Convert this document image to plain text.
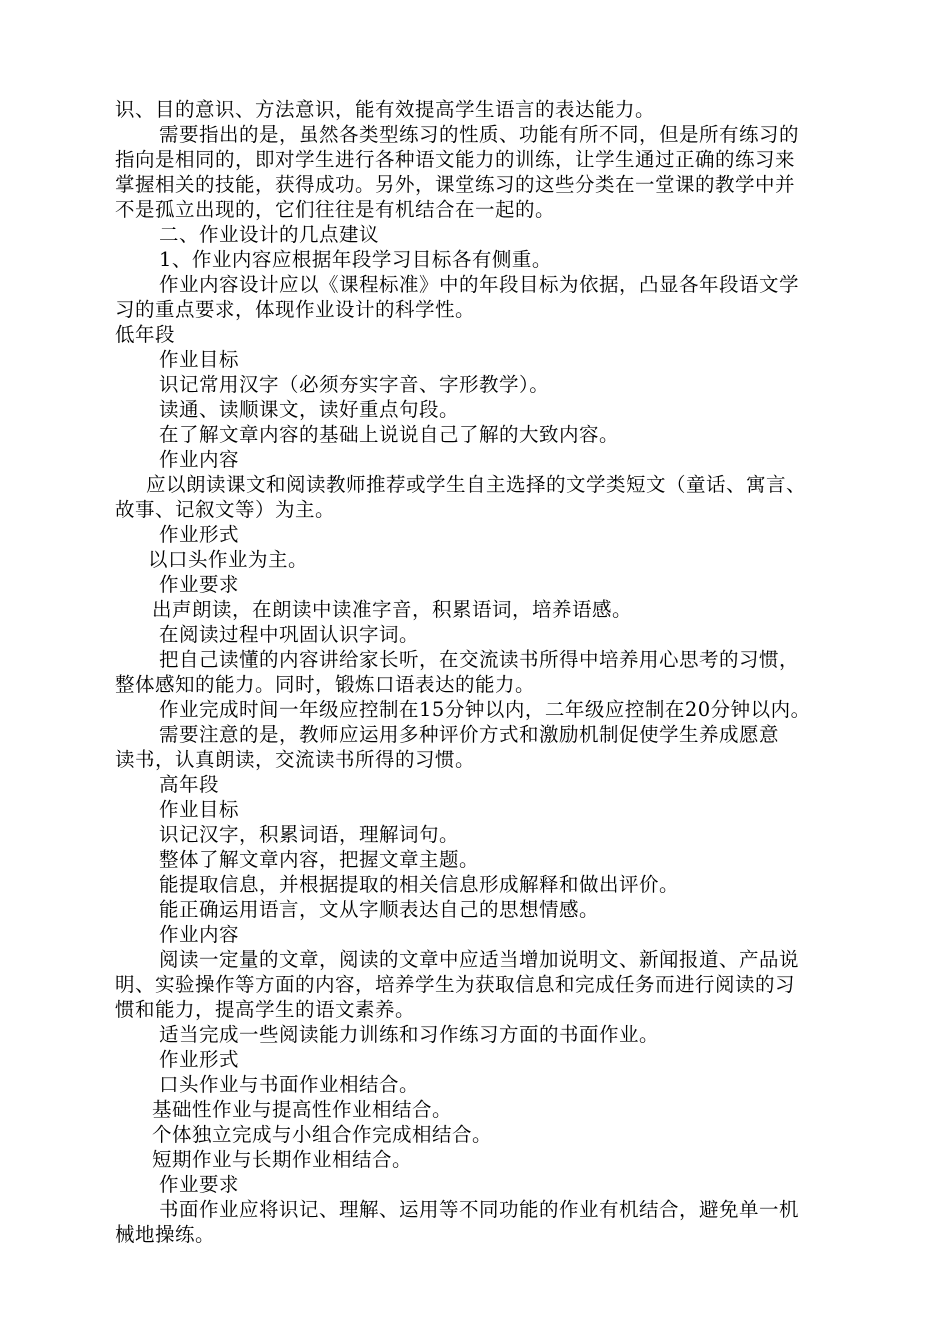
识、目的意识、方法意识，能有效提高学生语言的表达能力。

需要指出的是，虽然各类型练习的性质、功能有所不同，但是所有练习的

指向是相同的，即对学生进行各种语文能力的训练，让学生通过正确的练习来

掌握相关的技能，获得成功。另外，课堂练习的这些分类在一堂课的教学中并

不是孤立出现的，它们往往是有机结合在一起的。

二、作业设计的几点建议

1、作业内容应根据年段学习目标各有侧重。

作业内容设计应以《课程标准》中的年段目标为依据，凸显各年段语文学

习的重点要求，体现作业设计的科学性。

低年段

作业目标

识记常用汉字（必须夯实字音、字形教学）。

读通、读顺课文，读好重点句段。

在了解文章内容的基础上说说自己了解的大致内容。

作业内容

应以朗读课文和阅读教师推荐或学生自主选择的文学类短文（童话、寓言、

故事、记叙文等）为主。

作业形式

以口头作业为主。

作业要求

出声朗读，在朗读中读准字音，积累语词，培养语感。

在阅读过程中巩固认识字词。

把自己读懂的内容讲给家长听，在交流读书所得中培养用心思考的习惯，

整体感知的能力。同时，锻炼口语表达的能力。

作业完成时间一年级应控制在15分钟以内，二年级应控制在20分钟以内。

需要注意的是，教师应运用多种评价方式和激励机制促使学生养成愿意

读书，认真朗读，交流读书所得的习惯。

高年段

作业目标

识记汉字，积累词语，理解词句。

整体了解文章内容，把握文章主题。

能提取信息，并根据提取的相关信息形成解释和做出评价。

能正确运用语言，文从字顺表达自己的思想情感。

作业内容

阅读一定量的文章，阅读的文章中应适当增加说明文、新闻报道、产品说

明、实验操作等方面的内容，培养学生为获取信息和完成任务而进行阅读的习

惯和能力，提高学生的语文素养。

适当完成一些阅读能力训练和习作练习方面的书面作业。

作业形式

口头作业与书面作业相结合。

基础性作业与提高性作业相结合。

个体独立完成与小组合作完成相结合。

短期作业与长期作业相结合。

作业要求

书面作业应将识记、理解、运用等不同功能的作业有机结合，避免单一机

械地操练。
